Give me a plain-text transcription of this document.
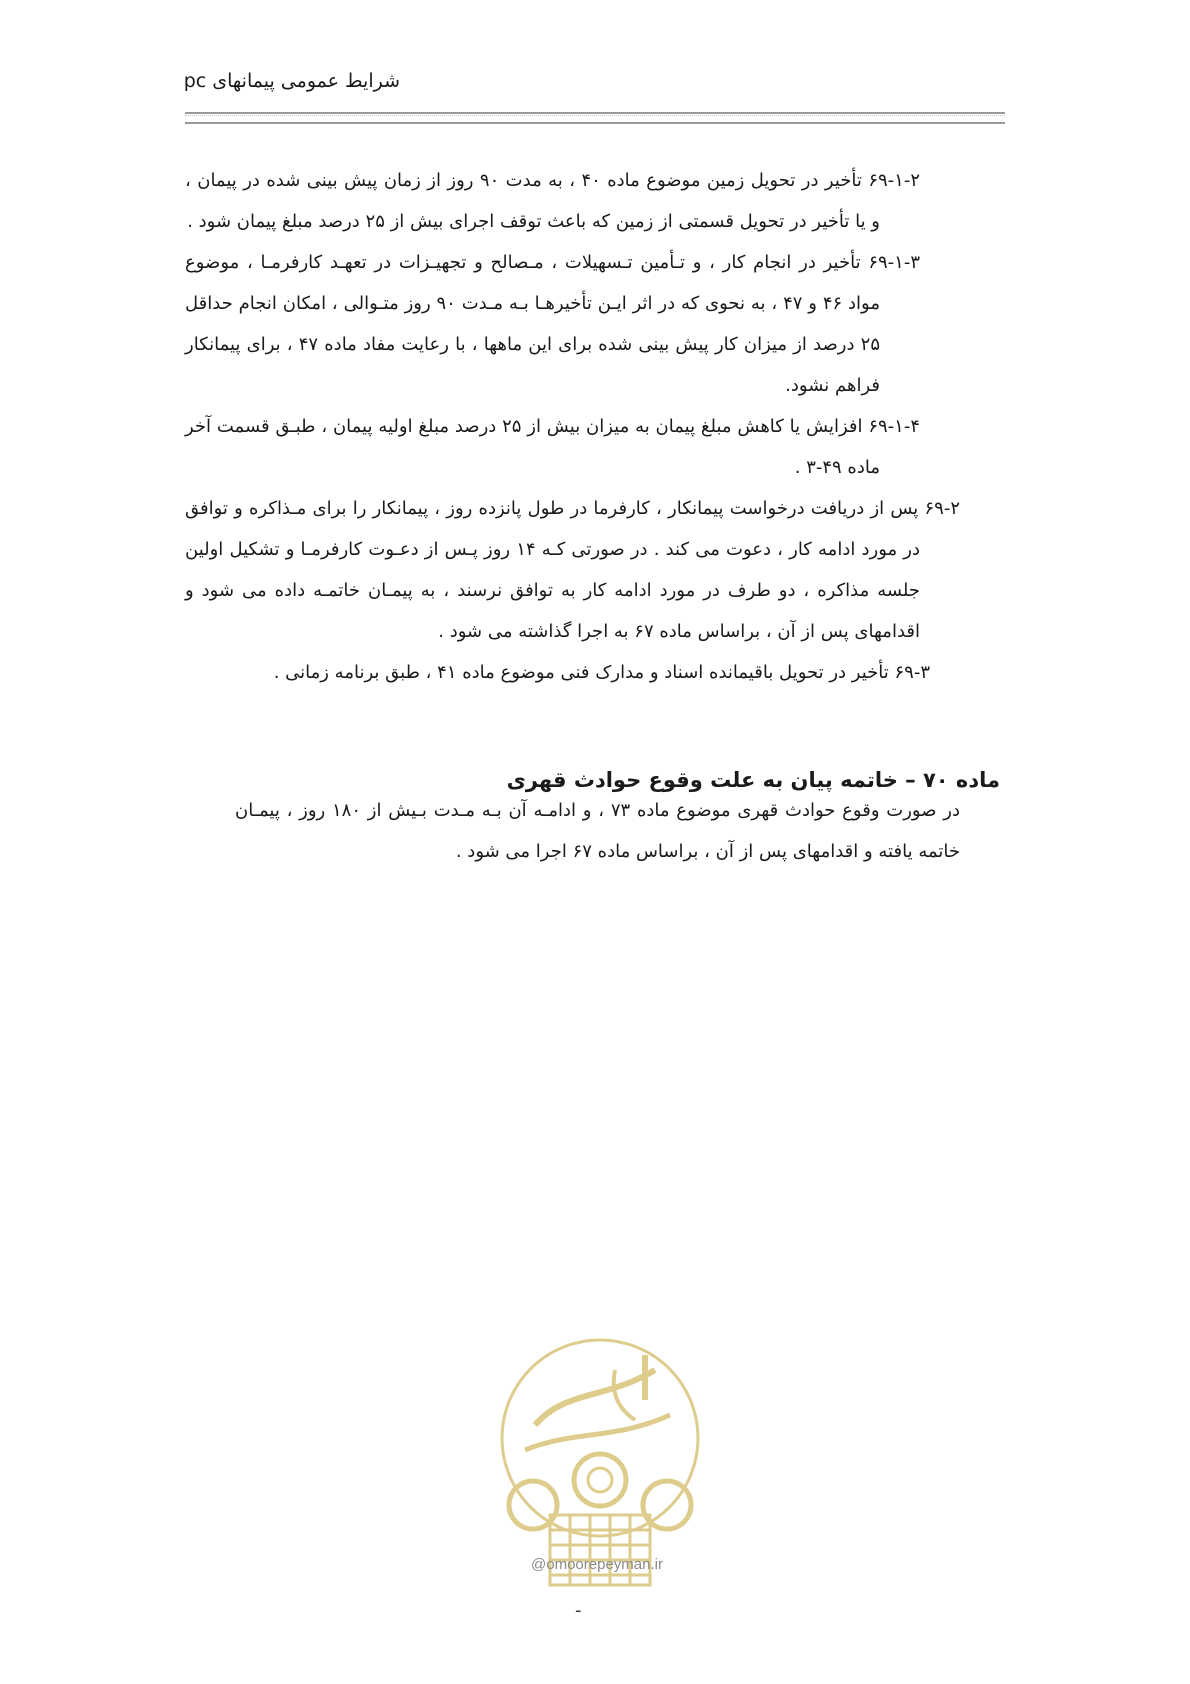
شرایط عمومی پیمانهای pc

۶۹-۱-۲ تأخیر در تحویل زمین موضوع ماده ۴۰ ، به مدت ۹۰ روز از زمان پیش بینی شده در پیمان ، و یا تأخیر در تحویل قسمتی از زمین که باعث توقف اجرای بیش از ۲۵ درصد مبلغ پیمان شود .

۶۹-۱-۳ تأخیر در انجام کار ، و تـأمین تـسهیلات ، مـصالح و تجهیـزات در تعهـد کارفرمـا ، موضوع مواد ۴۶ و ۴۷ ، به نحوی که در اثر ایـن تأخیرهـا بـه مـدت ۹۰ روز متـوالی ، امکان انجام حداقل ۲۵ درصد از میزان کار پیش بینی شده برای این ماهها ، با رعایت مفاد ماده ۴۷ ، برای پیمانکار فراهم نشود.

۶۹-۱-۴ افزایش یا کاهش مبلغ پیمان به میزان بیش از ۲۵ درصد مبلغ اولیه پیمان ، طبـق قسمت آخر ماده ۴۹-۳ .

۶۹-۲ پس از دریافت درخواست پیمانکار ، کارفرما در طول پانزده روز ، پیمانکار را برای مـذاکره و توافق در مورد ادامه کار ، دعوت می کند . در صورتی کـه ۱۴ روز پـس از دعـوت کارفرمـا و تشکیل اولین جلسه مذاکره ، دو طرف در مورد ادامه کار به توافق نرسند ، به پیمـان خاتمـه داده می شود و اقدامهای پس از آن ، براساس ماده ۶۷ به اجرا گذاشته می شود .

۶۹-۳ تأخیر در تحویل باقیمانده اسناد و مدارک فنی موضوع ماده ۴۱ ، طبق برنامه زمانی .

ماده ۷۰ – خاتمه پیان به علت وقوع حوادث قهری

در صورت وقوع حوادث قهری موضوع ماده ۷۳ ، و ادامـه آن بـه مـدت بـیش از ۱۸۰ روز ، پیمـان خاتمه یافته و اقدامهای پس از آن ، براساس ماده ۶۷ اجرا می شود .

@omoorepeyman.ir
-
